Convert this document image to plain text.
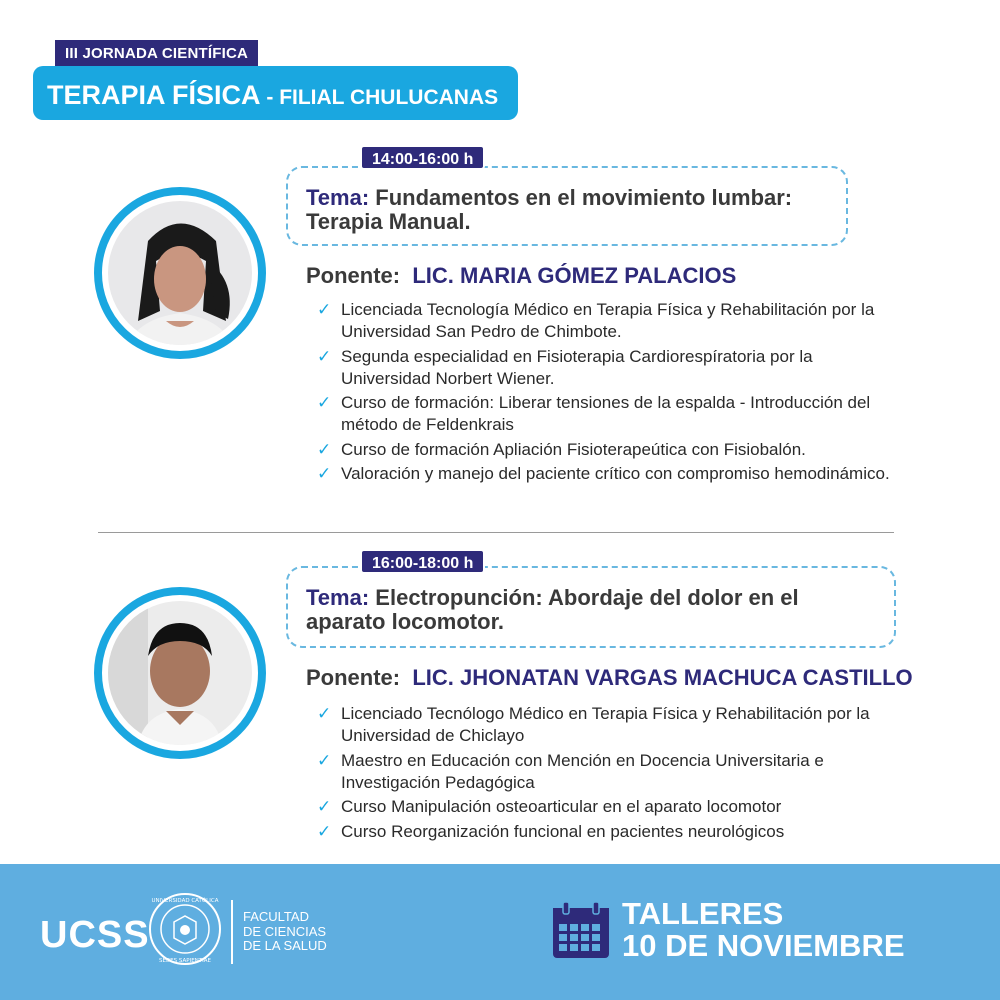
III JORNADA CIENTÍFICA
TERAPIA FÍSICA - FILIAL CHULUCANAS
14:00-16:00 h
Tema: Fundamentos en el movimiento lumbar: Terapia Manual.
Ponente: LIC. MARIA GÓMEZ PALACIOS
✓ Licenciada Tecnología Médico en Terapia Física y Rehabilitación por la Universidad San Pedro de Chimbote.
✓ Segunda especialidad en Fisioterapia Cardiorespíratoria por la Universidad Norbert Wiener.
✓ Curso de formación: Liberar tensiones de la espalda - Introducción del método de Feldenkrais
✓ Curso de formación Apliación Fisioterapeútica con Fisiobalón.
✓ Valoración y manejo del paciente crítico con compromiso hemodinámico.
16:00-18:00 h
Tema: Electropunción: Abordaje del dolor en el aparato locomotor.
Ponente: LIC. JHONATAN VARGAS MACHUCA CASTILLO
✓ Licenciado Tecnólogo Médico en Terapia Física y Rehabilitación por la Universidad de Chiclayo
✓ Maestro en Educación con Mención en Docencia Universitaria e Investigación Pedagógica
✓ Curso Manipulación osteoarticular en el aparato locomotor
✓ Curso Reorganización funcional en pacientes neurológicos
UCSS
UNIVERSIDAD CATÓLICA
SEDES SAPIENTIAE
FACULTAD
DE CIENCIAS
DE LA SALUD
TALLERES
10 DE NOVIEMBRE
